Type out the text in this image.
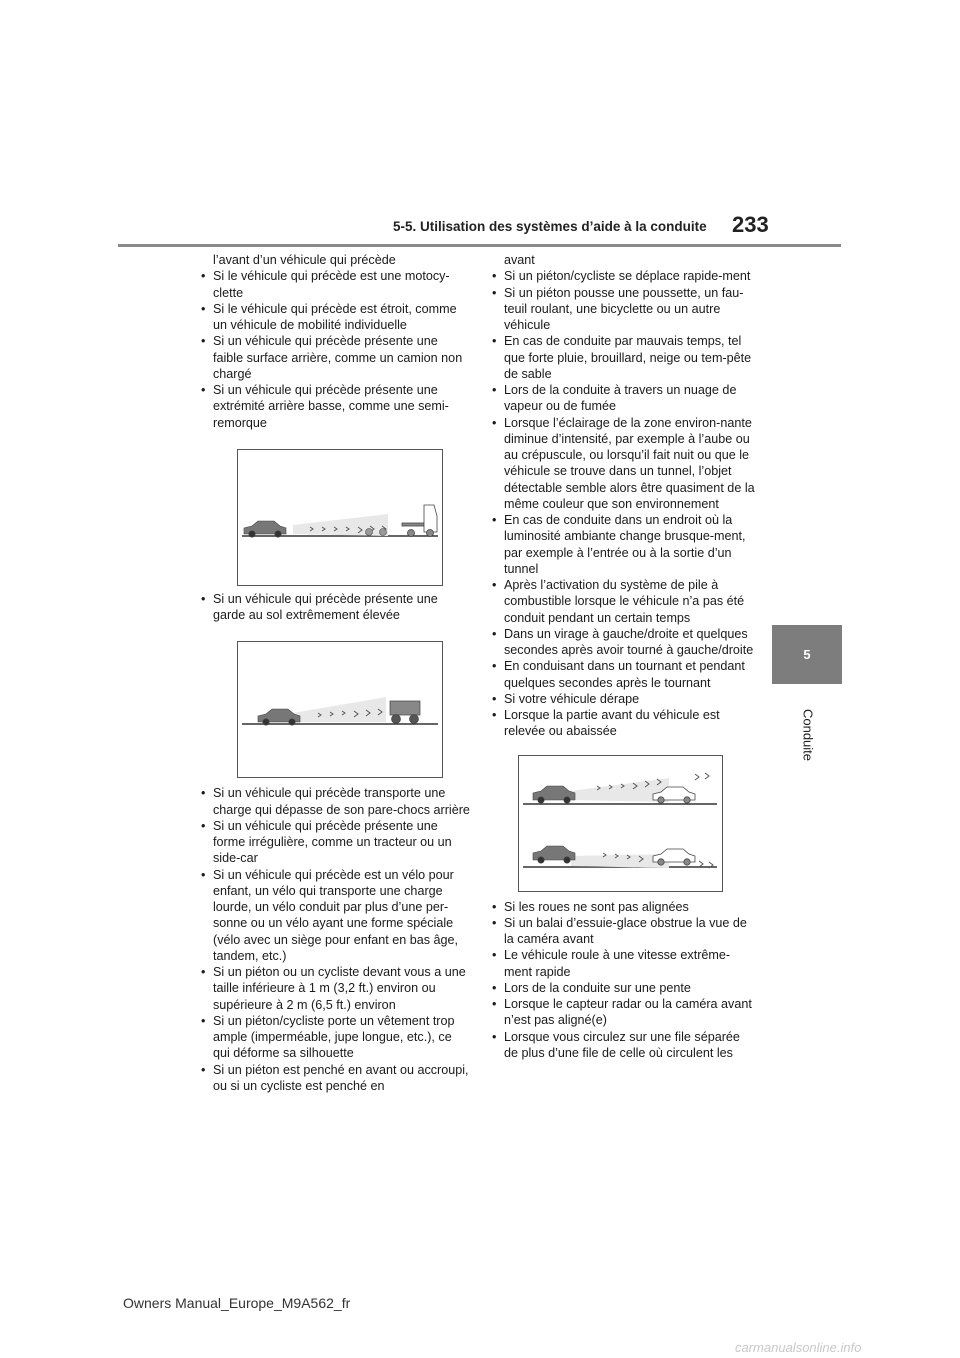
5-5. Utilisation des systèmes d’aide à la conduite 233
5
Conduite
l’avant d’un véhicule qui précède
• Si le véhicule qui précède est une motocy-clette
• Si le véhicule qui précède est étroit, comme un véhicule de mobilité individuelle
• Si un véhicule qui précède présente une faible surface arrière, comme un camion non chargé
• Si un véhicule qui précède présente une extrémité arrière basse, comme une semi-remorque
• Si un véhicule qui précède présente une garde au sol extrêmement élevée
• Si un véhicule qui précède transporte une charge qui dépasse de son pare-chocs arrière
• Si un véhicule qui précède présente une forme irrégulière, comme un tracteur ou un side-car
• Si un véhicule qui précède est un vélo pour enfant, un vélo qui transporte une charge lourde, un vélo conduit par plus d’une per-sonne ou un vélo ayant une forme spéciale (vélo avec un siège pour enfant en bas âge, tandem, etc.)
• Si un piéton ou un cycliste devant vous a une taille inférieure à 1 m (3,2 ft.) environ ou supérieure à 2 m (6,5 ft.) environ
• Si un piéton/cycliste porte un vêtement trop ample (imperméable, jupe longue, etc.), ce qui déforme sa silhouette
• Si un piéton est penché en avant ou accroupi, ou si un cycliste est penché en
avant
• Si un piéton/cycliste se déplace rapide-ment
• Si un piéton pousse une poussette, un fau-teuil roulant, une bicyclette ou un autre véhicule
• En cas de conduite par mauvais temps, tel que forte pluie, brouillard, neige ou tem-pête de sable
• Lors de la conduite à travers un nuage de vapeur ou de fumée
• Lorsque l’éclairage de la zone environ-nante diminue d’intensité, par exemple à l’aube ou au crépuscule, ou lorsqu’il fait nuit ou que le véhicule se trouve dans un tunnel, l’objet détectable semble alors être quasiment de la même couleur que son environnement
• En cas de conduite dans un endroit où la luminosité ambiante change brusque-ment, par exemple à l’entrée ou à la sortie d’un tunnel
• Après l’activation du système de pile à combustible lorsque le véhicule n’a pas été conduit pendant un certain temps
• Dans un virage à gauche/droite et quelques secondes après avoir tourné à gauche/droite
• En conduisant dans un tournant et pendant quelques secondes après le tournant
• Si votre véhicule dérape
• Lorsque la partie avant du véhicule est relevée ou abaissée
• Si les roues ne sont pas alignées
• Si un balai d’essuie-glace obstrue la vue de la caméra avant
• Le véhicule roule à une vitesse extrême-ment rapide
• Lors de la conduite sur une pente
• Lorsque le capteur radar ou la caméra avant n’est pas aligné(e)
• Lorsque vous circulez sur une file séparée de plus d’une file de celle où circulent les
Owners Manual_Europe_M9A562_fr
carmanualsonline.info
